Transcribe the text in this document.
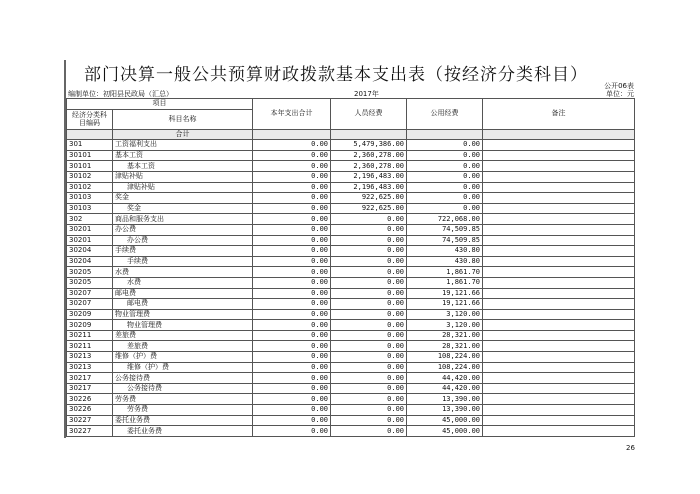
部门决算一般公共预算财政拨款基本支出表（按经济分类科目）
公开06表
编制单位：初阳县民政局（汇总）	2017年	单位：元
项目		本年支出合计	人员经费	公用经费	备注
经济分类科目编码	科目名称				

	合计				
301	工资福利支出	0.00	5,479,386.00	0.00	
30101	基本工资	0.00	2,360,278.00	0.00	
30101	基本工资	0.00	2,360,278.00	0.00	
30102	津贴补贴	0.00	2,196,483.00	0.00	
30102	津贴补贴	0.00	2,196,483.00	0.00	
30103	奖金	0.00	922,625.00	0.00	
30103	奖金	0.00	922,625.00	0.00	
302	商品和服务支出	0.00	0.00	722,068.00	
30201	办公费	0.00	0.00	74,509.85	
30201	办公费	0.00	0.00	74,509.85	
30204	手续费	0.00	0.00	430.80	
30204	手续费	0.00	0.00	430.80	
30205	水费	0.00	0.00	1,861.70	
30205	水费	0.00	0.00	1,861.70	
30207	邮电费	0.00	0.00	19,121.66	
30207	邮电费	0.00	0.00	19,121.66	
30209	物业管理费	0.00	0.00	3,120.00	
30209	物业管理费	0.00	0.00	3,120.00	
30211	差旅费	0.00	0.00	28,321.00	
30211	差旅费	0.00	0.00	28,321.00	
30213	维修（护）费	0.00	0.00	108,224.00	
30213	维修（护）费	0.00	0.00	108,224.00	
30217	公务接待费	0.00	0.00	44,420.00	
30217	公务接待费	0.00	0.00	44,420.00	
30226	劳务费	0.00	0.00	13,390.00	
30226	劳务费	0.00	0.00	13,390.00	
30227	委托业务费	0.00	0.00	45,000.00	
30227	委托业务费	0.00	0.00	45,000.00	
26
